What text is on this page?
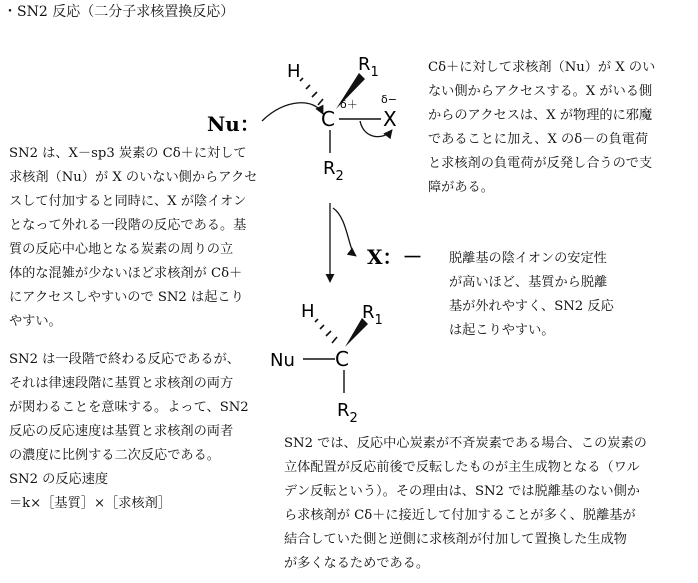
・SN2 反応（二分子求核置換反応）
SN2 は、X－sp3 炭素の Cδ＋に対して
求核剤（Nu）が X のいない側からアクセ
スして付加すると同時に、X が陰イオン
となって外れる一段階の反応である。基
質の反応中心地となる炭素の周りの立
体的な混雑が少ないほど求核剤が Cδ＋
にアクセスしやすいので SN2 は起こり
やすい。
SN2 は一段階で終わる反応であるが、
それは律速段階に基質と求核剤の両方
が関わることを意味する。よって、SN2
反応の反応速度は基質と求核剤の両者
の濃度に比例する二次反応である。
SN2 の反応速度
＝k×［基質］×［求核剤］
Cδ＋に対して求核剤（Nu）が X のい
ない側からアクセスする。X がいる側
からのアクセスは、X が物理的に邪魔
であることに加え、X のδ－の負電荷
と求核剤の負電荷が反発し合うので支
障がある。
脱離基の陰イオンの安定性
が高いほど、基質から脱離
基が外れやすく、SN2 反応
は起こりやすい。
SN2 では、反応中心炭素が不斉炭素である場合、この炭素の
立体配置が反応前後で反転したものが主生成物となる（ワル
デン反転という）。その理由は、SN2 では脱離基のない側か
ら求核剤が Cδ＋に接近して付加することが多く、脱離基が
結合していた側と逆側に求核剤が付加して置換した生成物
が多くなるためである。
Nu：
H	$R_1$
C
δ＋
X
δ−
$R_2$
X：－
H	$R_1$
Nu C
$R_2$
